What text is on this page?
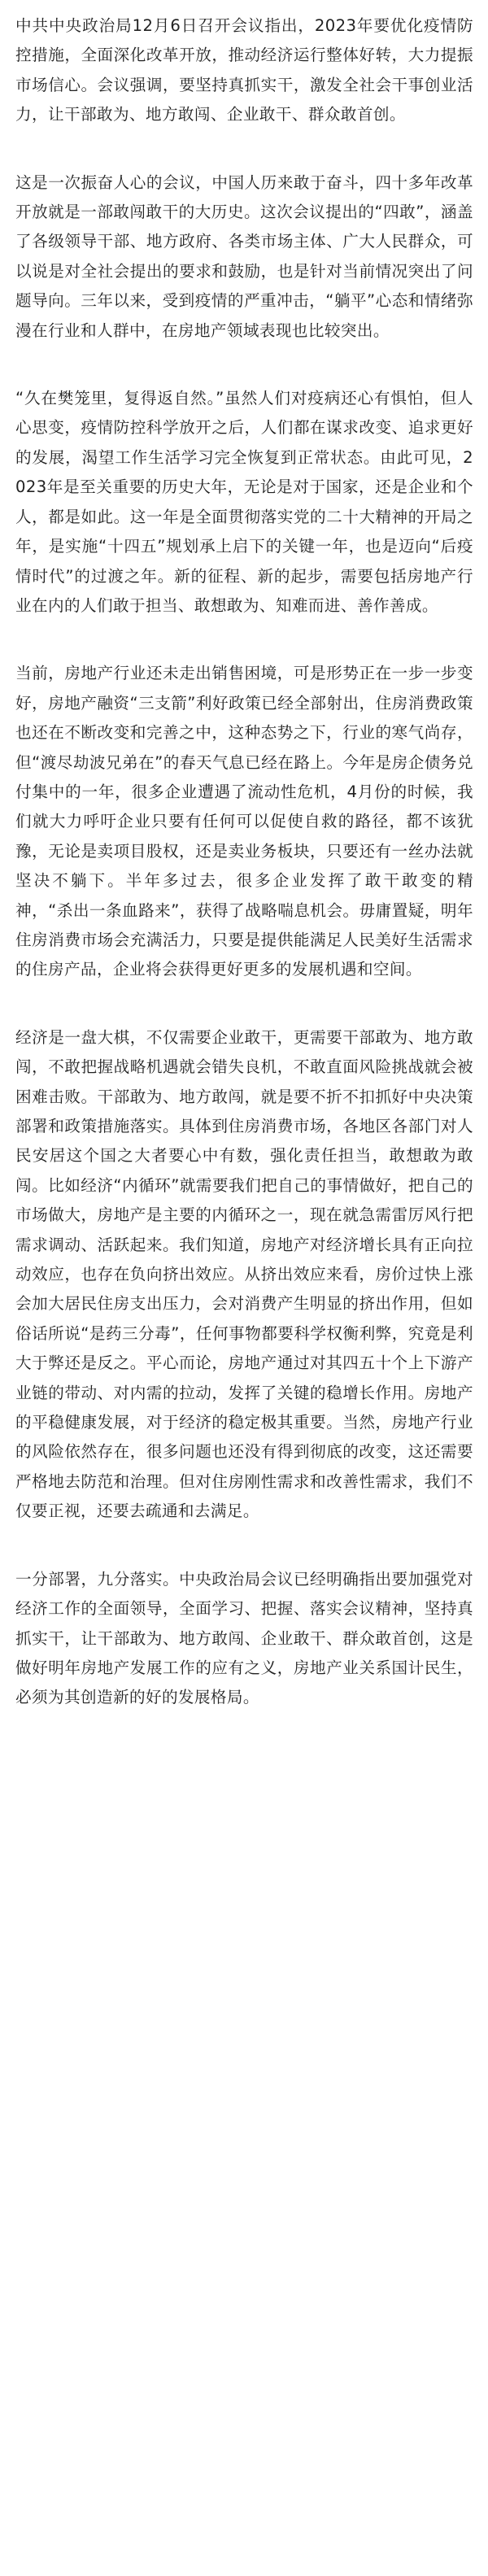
中共中央政治局12月6日召开会议指出，2023年要优化疫情防控措施，全面深化改革开放，推动经济运行整体好转，大力提振市场信心。会议强调，要坚持真抓实干，激发全社会干事创业活力，让干部敢为、地方敢闯、企业敢干、群众敢首创。

这是一次振奋人心的会议，中国人历来敢于奋斗，四十多年改革开放就是一部敢闯敢干的大历史。这次会议提出的“四敢”，涵盖了各级领导干部、地方政府、各类市场主体、广大人民群众，可以说是对全社会提出的要求和鼓励，也是针对当前情况突出了问题导向。三年以来，受到疫情的严重冲击，“躺平”心态和情绪弥漫在行业和人群中，在房地产领域表现也比较突出。

“久在樊笼里，复得返自然。”虽然人们对疫病还心有惧怕，但人心思变，疫情防控科学放开之后，人们都在谋求改变、追求更好的发展，渴望工作生活学习完全恢复到正常状态。由此可见，2023年是至关重要的历史大年，无论是对于国家，还是企业和个人，都是如此。这一年是全面贯彻落实党的二十大精神的开局之年，是实施“十四五”规划承上启下的关键一年，也是迈向“后疫情时代”的过渡之年。新的征程、新的起步，需要包括房地产行业在内的人们敢于担当、敢想敢为、知难而进、善作善成。

当前，房地产行业还未走出销售困境，可是形势正在一步一步变好，房地产融资“三支箭”利好政策已经全部射出，住房消费政策也还在不断改变和完善之中，这种态势之下，行业的寒气尚存，但“渡尽劫波兄弟在”的春天气息已经在路上。今年是房企债务兑付集中的一年，很多企业遭遇了流动性危机，4月份的时候，我们就大力呼吁企业只要有任何可以促使自救的路径，都不该犹豫，无论是卖项目股权，还是卖业务板块，只要还有一丝办法就坚决不躺下。半年多过去，很多企业发挥了敢干敢变的精神，“杀出一条血路来”，获得了战略喘息机会。毋庸置疑，明年住房消费市场会充满活力，只要是提供能满足人民美好生活需求的住房产品，企业将会获得更好更多的发展机遇和空间。

经济是一盘大棋，不仅需要企业敢干，更需要干部敢为、地方敢闯，不敢把握战略机遇就会错失良机，不敢直面风险挑战就会被困难击败。干部敢为、地方敢闯，就是要不折不扣抓好中央决策部署和政策措施落实。具体到住房消费市场，各地区各部门对人民安居这个国之大者要心中有数，强化责任担当，敢想敢为敢闯。比如经济“内循环”就需要我们把自己的事情做好，把自己的市场做大，房地产是主要的内循环之一，现在就急需雷厉风行把需求调动、活跃起来。我们知道，房地产对经济增长具有正向拉动效应，也存在负向挤出效应。从挤出效应来看，房价过快上涨会加大居民住房支出压力，会对消费产生明显的挤出作用，但如俗话所说“是药三分毒”，任何事物都要科学权衡利弊，究竟是利大于弊还是反之。平心而论，房地产通过对其四五十个上下游产业链的带动、对内需的拉动，发挥了关键的稳增长作用。房地产的平稳健康发展，对于经济的稳定极其重要。当然，房地产行业的风险依然存在，很多问题也还没有得到彻底的改变，这还需要严格地去防范和治理。但对住房刚性需求和改善性需求，我们不仅要正视，还要去疏通和去满足。

一分部署，九分落实。中央政治局会议已经明确指出要加强党对经济工作的全面领导，全面学习、把握、落实会议精神，坚持真抓实干，让干部敢为、地方敢闯、企业敢干、群众敢首创，这是做好明年房地产发展工作的应有之义，房地产业关系国计民生，必须为其创造新的好的发展格局。
